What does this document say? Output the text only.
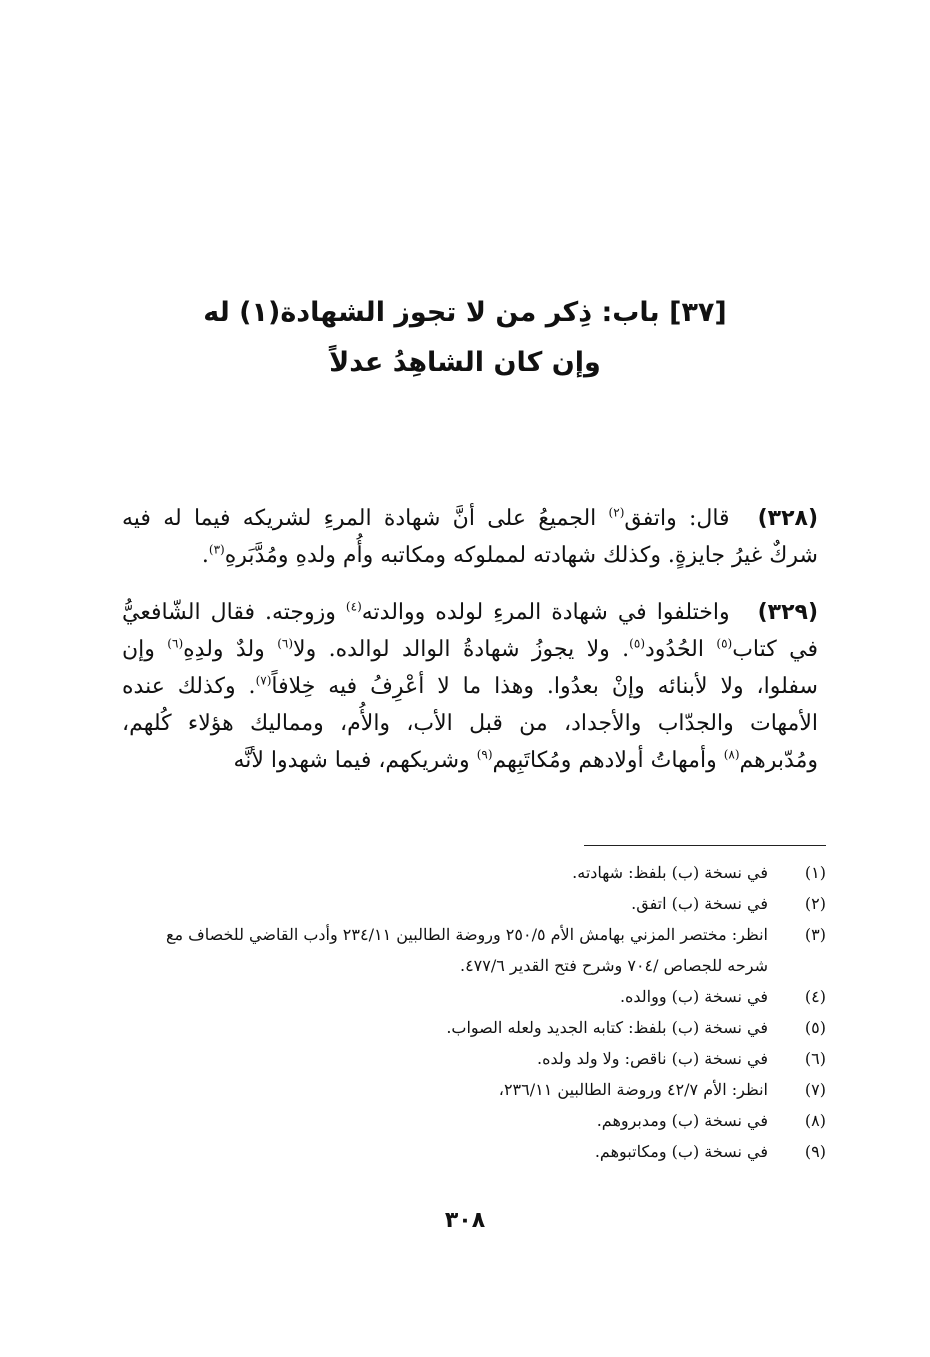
[٣٧] باب: ذِكر من لا تجوز الشهادة(١) له
وإن كان الشاهِدُ عدلاً

(٣٢٨)قال: واتفق$^{(٢)}$ الجميعُ على أنَّ شهادة المرءِ لشريكه فيما له فيه شركٌ غيرُ جايزةٍ. وكذلك شهادته لمملوكه ومكاتبه وأُم ولدهِ ومُدَّبَرهِ$^{(٣)}$.

(٣٢٩)واختلفوا في شهادة المرءِ لولده ووالدته$^{(٤)}$ وزوجته. فقال الشّافعيُّ في كتاب$^{(٥)}$ الحُدُود$^{(٥)}$. ولا يجوزُ شهادةُ الوالد لوالده. ولا$^{(٦)}$ ولدٌ ولدِهِ$^{(٦)}$ وإن سفلوا، ولا لأبنائه وإنْ بعدُوا. وهذا ما لا أعْرِفُ فيه خِلافاً$^{(٧)}$. وكذلك عنده الأمهات والجدّاب والأجداد، من قبل الأب، والأُم، ومماليك هؤلاء كُلهم، ومُدّبرهم$^{(٨)}$ وأمهاتُ أولادهم ومُكاتَبِهم$^{(٩)}$ وشريكهم، فيما شهدوا لأنَّه

(١)
في نسخة (ب) بلفظ: شهادته.
(٢)
في نسخة (ب) اتفق.
(٣)
انظر: مختصر المزني بهامش الأم ٢٥٠/٥ وروضة الطالبين ٢٣٤/١١ وأدب القاضي للخصاف مع شرحه للجصاص /٧٠٤ وشرح فتح القدير ٤٧٧/٦.
(٤)
في نسخة (ب) ووالده.
(٥)
في نسخة (ب) بلفظ: كتابه الجديد ولعله الصواب.
(٦)
في نسخة (ب) ناقص: ولا ولد ولده.
(٧)
انظر: الأم ٤٢/٧ وروضة الطالبين ٢٣٦/١١،
(٨)
في نسخة (ب) ومدبروهم.
(٩)
في نسخة (ب) ومكاتبوهم.
٣٠٨
